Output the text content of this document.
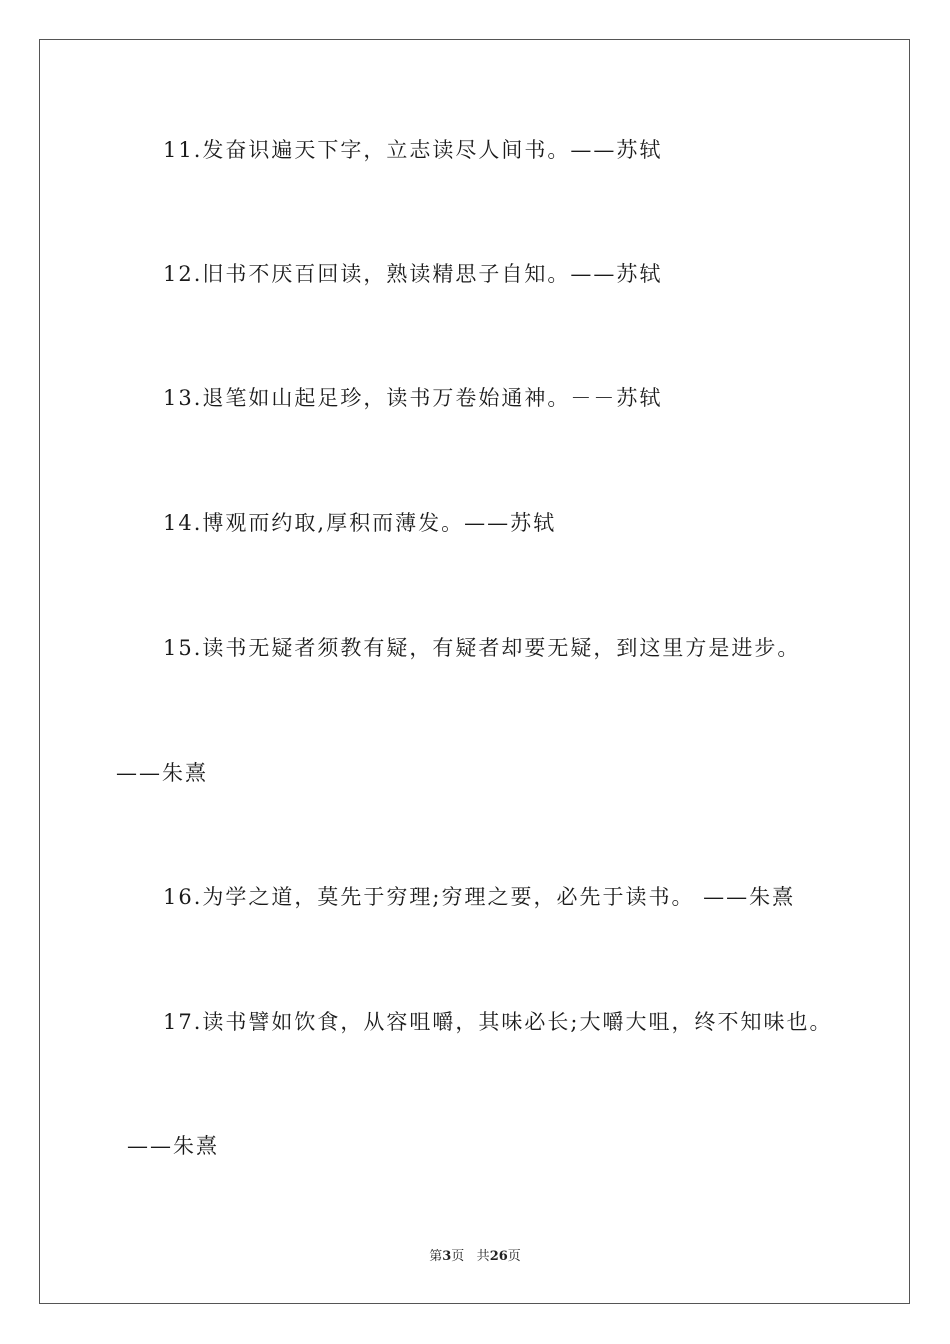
11.发奋识遍天下字，立志读尽人间书。——苏轼
12.旧书不厌百回读，熟读精思子自知。——苏轼
13.退笔如山起足珍，读书万卷始通神。－－苏轼
14.博观而约取,厚积而薄发。——苏轼
15.读书无疑者须教有疑，有疑者却要无疑，到这里方是进步。
——朱熹
16.为学之道，莫先于穷理;穷理之要，必先于读书。 ——朱熹
17.读书譬如饮食，从容咀嚼，其味必长;大嚼大咀，终不知味也。
——朱熹
第3页 共26页
